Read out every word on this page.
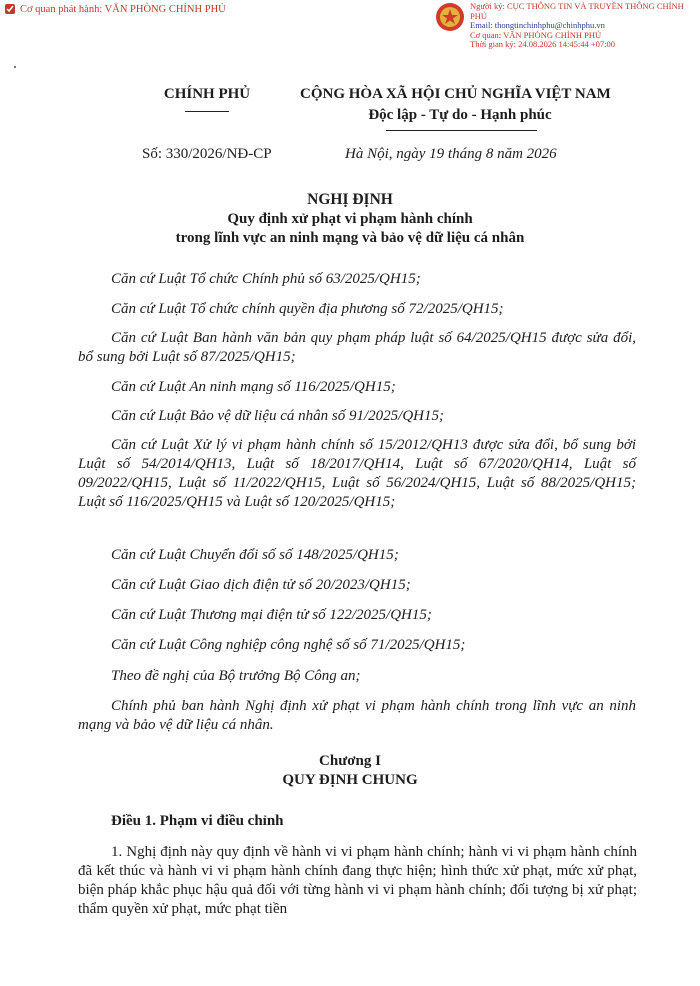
Cơ quan phát hành: VĂN PHÒNG CHÍNH PHỦ	Người ký: CỤC THÔNG TIN VÀ TRUYỀN THÔNG CHÍNH PHỦ
Email: thongtinchinhphu@chinhphu.vn
Cơ quan: VĂN PHÒNG CHÍNH PHỦ
Thời gian ký: 24.08.2026 14:45:44 +07:00
CHÍNH PHỦ	CỘNG HÒA XÃ HỘI CHỦ NGHĨA VIỆT NAM
Độc lập - Tự do - Hạnh phúc
Số: 330/2026/NĐ-CP	Hà Nội, ngày 19 tháng 8 năm 2026
NGHỊ ĐỊNH
Quy định xử phạt vi phạm hành chính
trong lĩnh vực an ninh mạng và bảo vệ dữ liệu cá nhân
Căn cứ Luật Tổ chức Chính phủ số 63/2025/QH15;
Căn cứ Luật Tổ chức chính quyền địa phương số 72/2025/QH15;
Căn cứ Luật Ban hành văn bản quy phạm pháp luật số 64/2025/QH15 được sửa đổi, bổ sung bởi Luật số 87/2025/QH15;
Căn cứ Luật An ninh mạng số 116/2025/QH15;
Căn cứ Luật Bảo vệ dữ liệu cá nhân số 91/2025/QH15;
Căn cứ Luật Xử lý vi phạm hành chính số 15/2012/QH13 được sửa đổi, bổ sung bởi Luật số 54/2014/QH13, Luật số 18/2017/QH14, Luật số 67/2020/QH14, Luật số 09/2022/QH15, Luật số 11/2022/QH15, Luật số 56/2024/QH15, Luật số 88/2025/QH15; Luật số 116/2025/QH15 và Luật số 120/2025/QH15;
Căn cứ Luật Chuyển đổi số số 148/2025/QH15;
Căn cứ Luật Giao dịch điện tử số 20/2023/QH15;
Căn cứ Luật Thương mại điện tử số 122/2025/QH15;
Căn cứ Luật Công nghiệp công nghệ số số 71/2025/QH15;
Theo đề nghị của Bộ trưởng Bộ Công an;
Chính phủ ban hành Nghị định xử phạt vi phạm hành chính trong lĩnh vực an ninh mạng và bảo vệ dữ liệu cá nhân.
Chương I
QUY ĐỊNH CHUNG
Điều 1. Phạm vi điều chỉnh
1. Nghị định này quy định về hành vi vi phạm hành chính; hành vi vi phạm hành chính đã kết thúc và hành vi vi phạm hành chính đang thực hiện; hình thức xử phạt, mức xử phạt, biện pháp khắc phục hậu quả đối với từng hành vi vi phạm hành chính; đối tượng bị xử phạt; thẩm quyền xử phạt, mức phạt tiền
